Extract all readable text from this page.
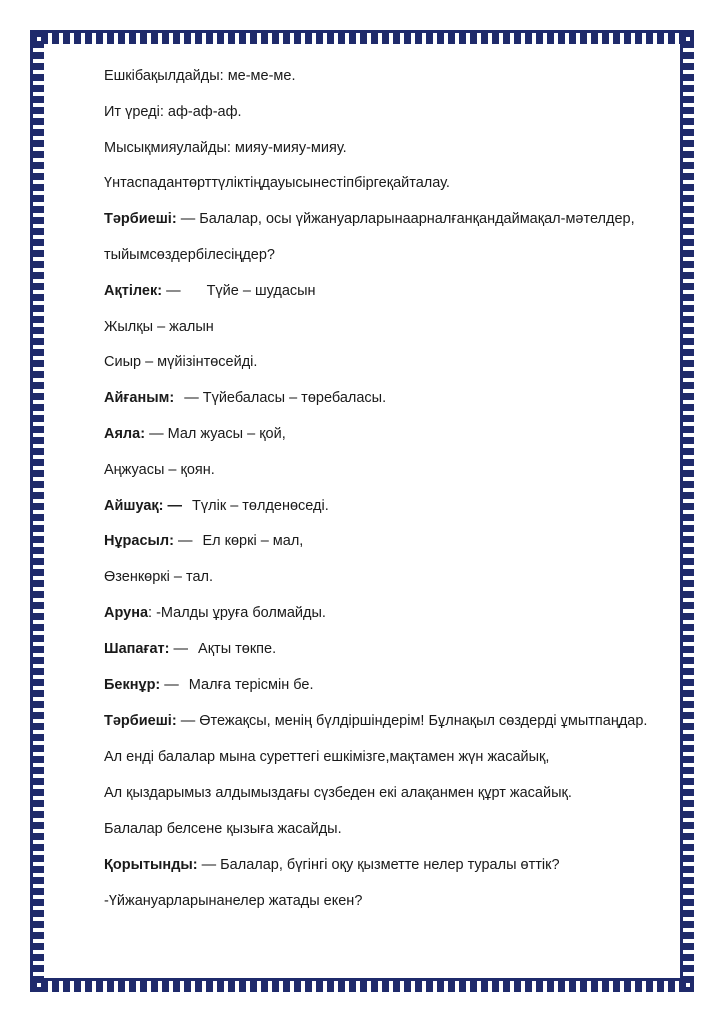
Ешкібақылдайды: ме-ме-ме.
Ит үреді: аф-аф-аф.
Мысықмияулайды: мияу-мияу-мияу.
Үнтаспадантөрттүліктіңдауысынестіпбіргеқайталау.
Тәрбиеші: — Балалар, осы үйжануарларынаарналғанқандаймақал-мәтелдер,
тыйымсөздербілесіңдер?
Ақтілек: — Түйе – шудасын
Жылқы – жалын
Сиыр – мүйізінтөсейді.
Айғаным: — Түйебаласы – төребаласы.
Аяла: — Мал жуасы – қой,
Аңжуасы – қоян.
Айшуақ: — Түлік – төлденөседі.
Нұрасыл: — Ел көркі – мал,
Өзенкөркі – тал.
Аруна: -Малды ұруға болмайды.
Шапағат: — Ақты төкпе.
Бекнұр: — Малға терісмін бе.
Тәрбиеші: — Өтежақсы, менің бүлдіршіндерім! Бұлнақыл сөздерді ұмытпаңдар.
Ал енді балалар мына суреттегі ешкімізге,мақтамен жүн жасайық,
Ал қыздарымыз алдымыздағы сүзбеден екі алақанмен құрт жасайық.
Балалар белсене қызыға жасайды.
Қорытынды: — Балалар, бүгінгі оқу қызметте нелер туралы өттік?
-Үйжануарларынанелер жатады екен?
